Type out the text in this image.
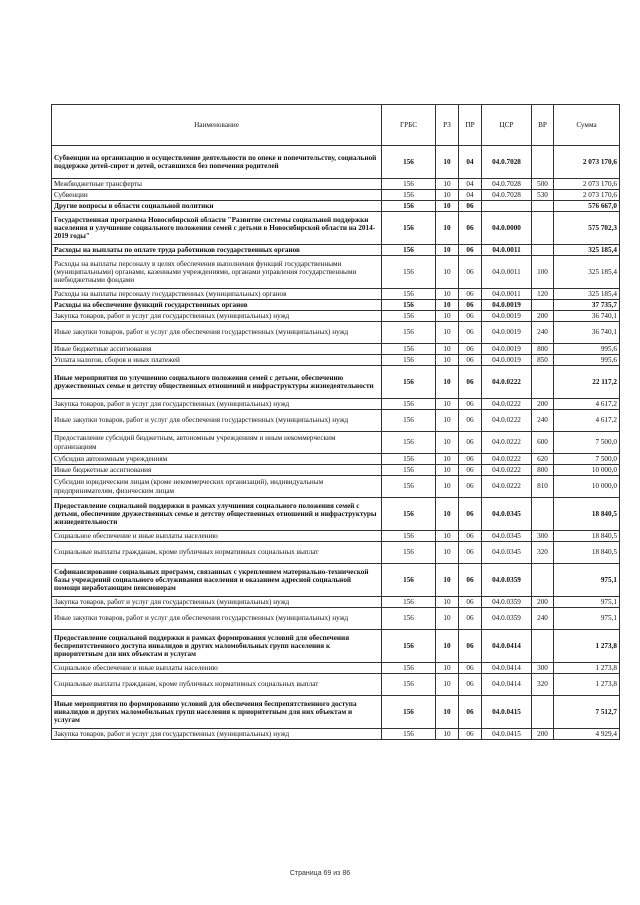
Наименование	ГРБС	РЗ	ПР	ЦСР	ВР	Сумма
Субвенции на организацию и осуществление деятельности по опеке и попечительству, социальной поддержке детей-сирот и детей, оставшихся без попечения родителей	156	10	04	04.0.7028		2 073 170,6
Межбюджетные трансферты	156	10	04	04.0.7028	500	2 073 170,6
Субвенции	156	10	04	04.0.7028	530	2 073 170,6
Другие вопросы в области социальной политики	156	10	06			576 667,0
Государственная программа Новосибирской области "Развитие системы социальной поддержки населения и улучшение социального положения семей с детьми в Новосибирской области на 2014-2019 годы"	156	10	06	04.0.0000		575 702,3
Расходы на выплаты по оплате труда работников государственных органов	156	10	06	04.0.0011		325 185,4
Расходы на выплаты персоналу в целях обеспечения выполнения функций государственными (муниципальными) органами, казенными учреждениями, органами управления государственными внебюджетными фондами	156	10	06	04.0.0011	100	325 185,4
Расходы на выплаты персоналу государственных (муниципальных) органов	156	10	06	04.0.0011	120	325 185,4
Расходы на обеспечение функций государственных органов	156	10	06	04.0.0019		37 735,7
Закупка товаров, работ и услуг для государственных (муниципальных) нужд	156	10	06	04.0.0019	200	36 740,1
Иные закупки товаров, работ и услуг для обеспечения государственных (муниципальных) нужд	156	10	06	04.0.0019	240	36 740,1
Иные бюджетные ассигнования	156	10	06	04.0.0019	800	995,6
Уплата налогов, сборов и иных платежей	156	10	06	04.0.0019	850	995,6
Иные мероприятия по улучшению социального положения семей с детьми, обеспечению дружественных семье и детству общественных отношений и инфраструктуры жизнедеятельности	156	10	06	04.0.0222		22 117,2
Закупка товаров, работ и услуг для государственных (муниципальных) нужд	156	10	06	04.0.0222	200	4 617,2
Иные закупки товаров, работ и услуг для обеспечения государственных (муниципальных) нужд	156	10	06	04.0.0222	240	4 617,2
Предоставление субсидий бюджетным, автономным учреждениям и иным некоммерческим организациям	156	10	06	04.0.0222	600	7 500,0
Субсидии автономным учреждениям	156	10	06	04.0.0222	620	7 500,0
Иные бюджетные ассигнования	156	10	06	04.0.0222	800	10 000,0
Субсидии юридическим лицам (кроме некоммерческих организаций), индивидуальным предпринимателям, физическим лицам	156	10	06	04.0.0222	810	10 000,0
Предоставление социальной поддержки в рамках улучшения социального положения семей с детьми, обеспечение дружественных семье и детству общественных отношений и инфраструктуры жизнедеятельности	156	10	06	04.0.0345		18 840,5
Социальное обеспечение и иные выплаты населению	156	10	06	04.0.0345	300	18 840,5
Социальные выплаты гражданам, кроме публичных нормативных социальных выплат	156	10	06	04.0.0345	320	18 840,5
Софинансирование социальных программ, связанных с укреплением материально-технической базы учреждений социального обслуживания населения и оказанием адресной социальной помощи неработающим пенсионерам	156	10	06	04.0.0359		975,1
Закупка товаров, работ и услуг для государственных (муниципальных) нужд	156	10	06	04.0.0359	200	975,1
Иные закупки товаров, работ и услуг для обеспечения государственных (муниципальных) нужд	156	10	06	04.0.0359	240	975,1
Предоставление социальной поддержки в рамках формирования условий для обеспечения беспрепятственного доступа инвалидов и других маломобильных групп населения к приоритетным для них объектам и услугам	156	10	06	04.0.0414		1 273,8
Социальное обеспечение и иные выплаты населению	156	10	06	04.0.0414	300	1 273,8
Социальные выплаты гражданам, кроме публичных нормативных социальных выплат	156	10	06	04.0.0414	320	1 273,8
Иные мероприятия по формированию условий для обеспечения беспрепятственного доступа инвалидов и других маломобильных групп населения к приоритетным для них объектам и услугам	156	10	06	04.0.0415		7 512,7
Закупка товаров, работ и услуг для государственных (муниципальных) нужд	156	10	06	04.0.0415	200	4 929,4
Страница 69 из 86
